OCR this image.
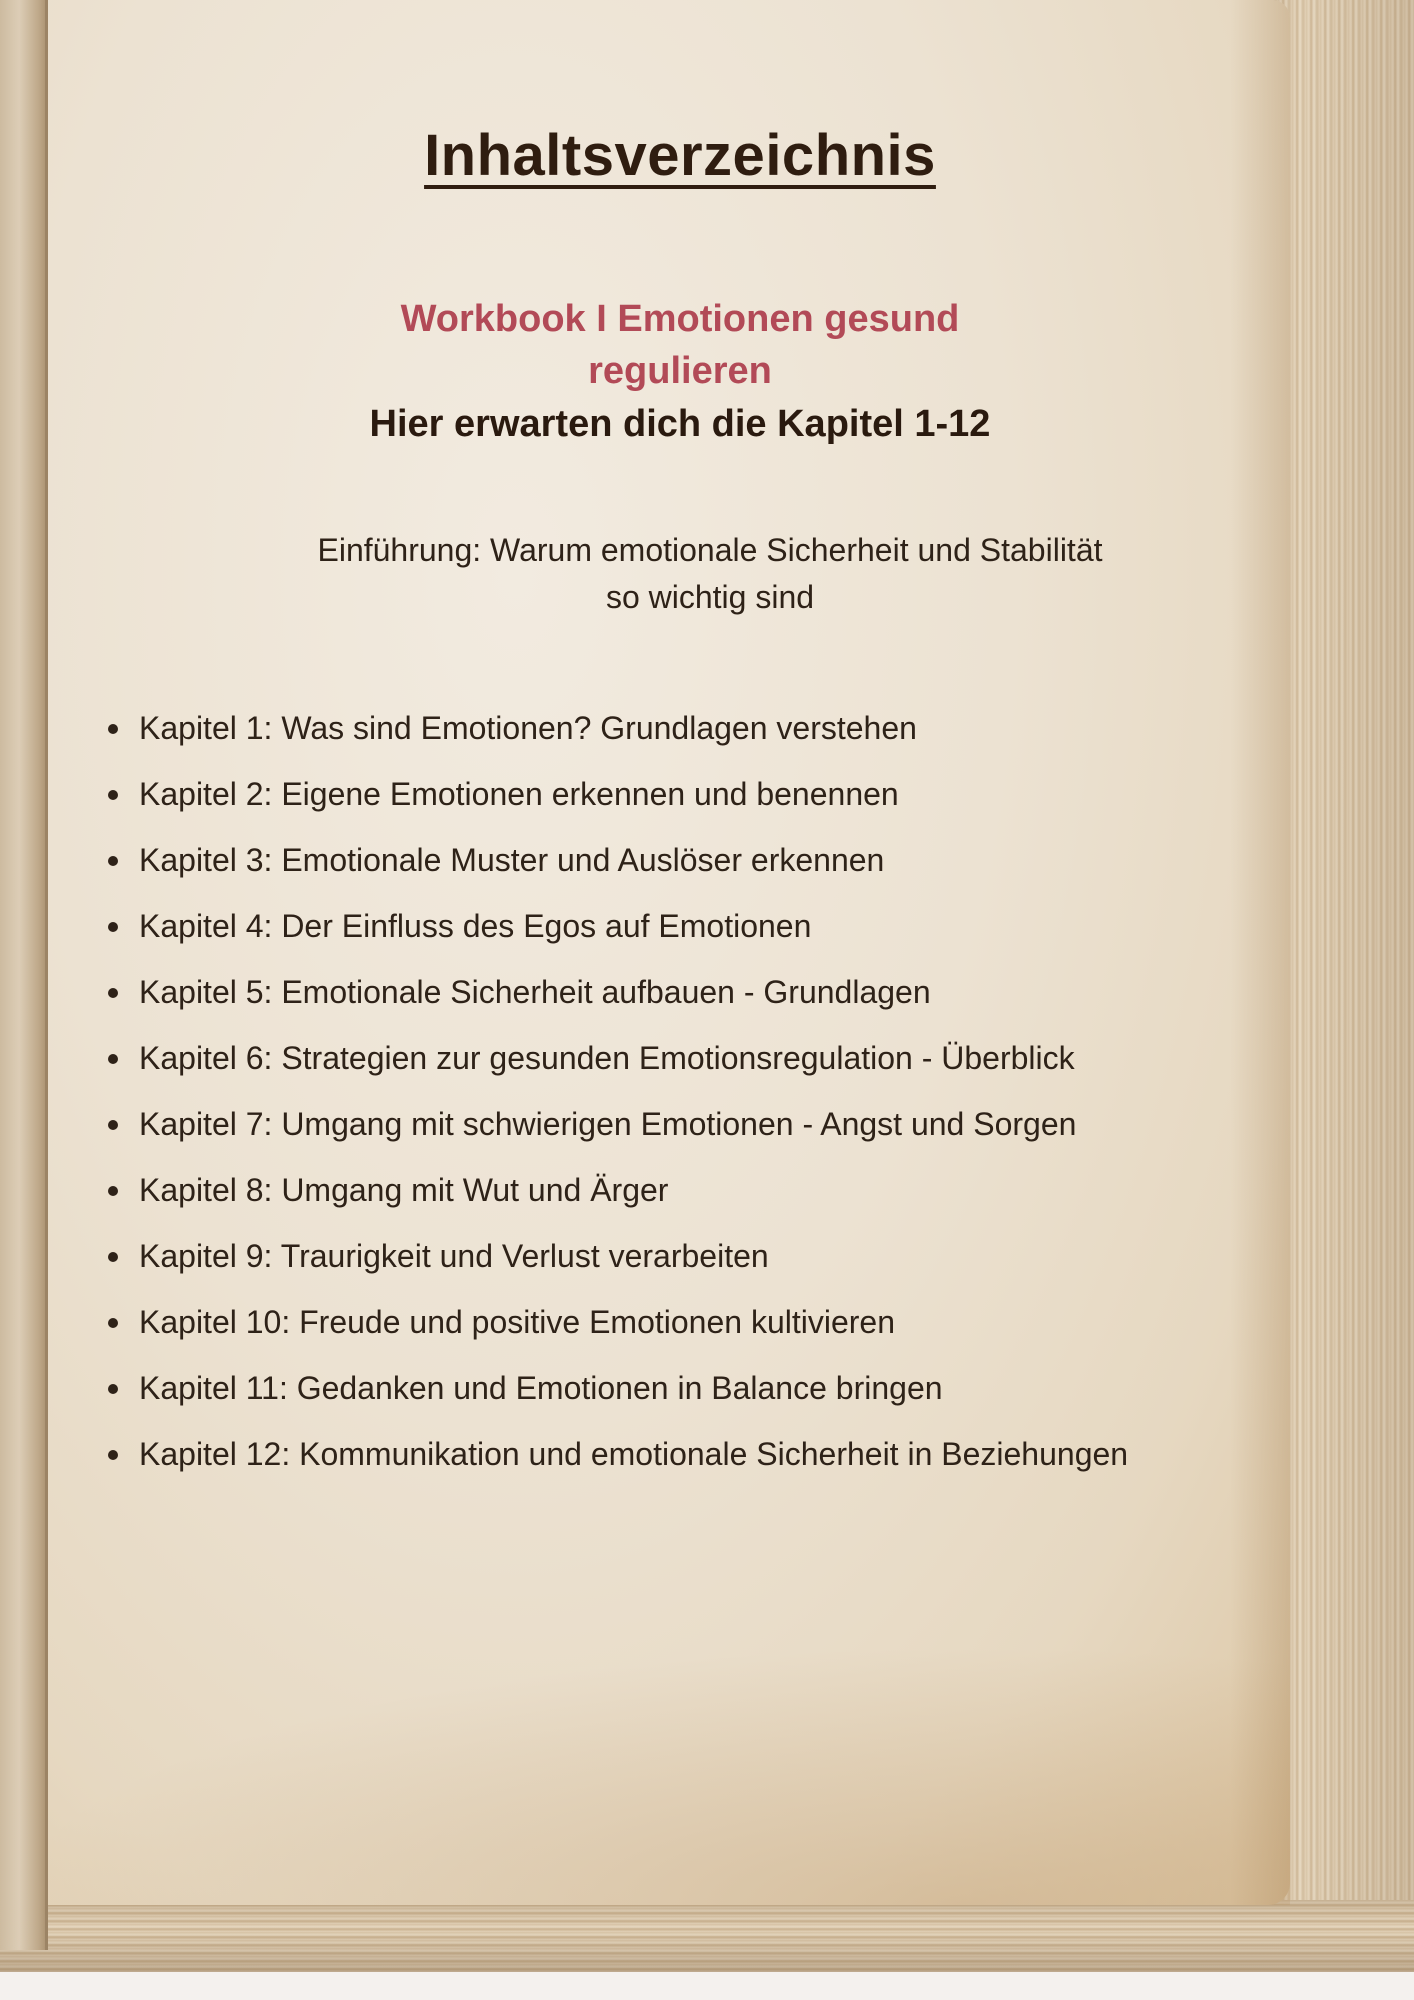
Inhaltsverzeichnis

Workbook I Emotionen gesund
regulieren

Hier erwarten dich die Kapitel 1-12

Einführung: Warum emotionale Sicherheit und Stabilität
so wichtig sind

Kapitel 1: Was sind Emotionen? Grundlagen verstehen
Kapitel 2: Eigene Emotionen erkennen und benennen
Kapitel 3: Emotionale Muster und Auslöser erkennen
Kapitel 4: Der Einfluss des Egos auf Emotionen
Kapitel 5: Emotionale Sicherheit aufbauen - Grundlagen
Kapitel 6: Strategien zur gesunden Emotionsregulation - Überblick
Kapitel 7: Umgang mit schwierigen Emotionen - Angst und Sorgen
Kapitel 8: Umgang mit Wut und Ärger
Kapitel 9: Traurigkeit und Verlust verarbeiten
Kapitel 10: Freude und positive Emotionen kultivieren
Kapitel 11: Gedanken und Emotionen in Balance bringen
Kapitel 12: Kommunikation und emotionale Sicherheit in Beziehungen
